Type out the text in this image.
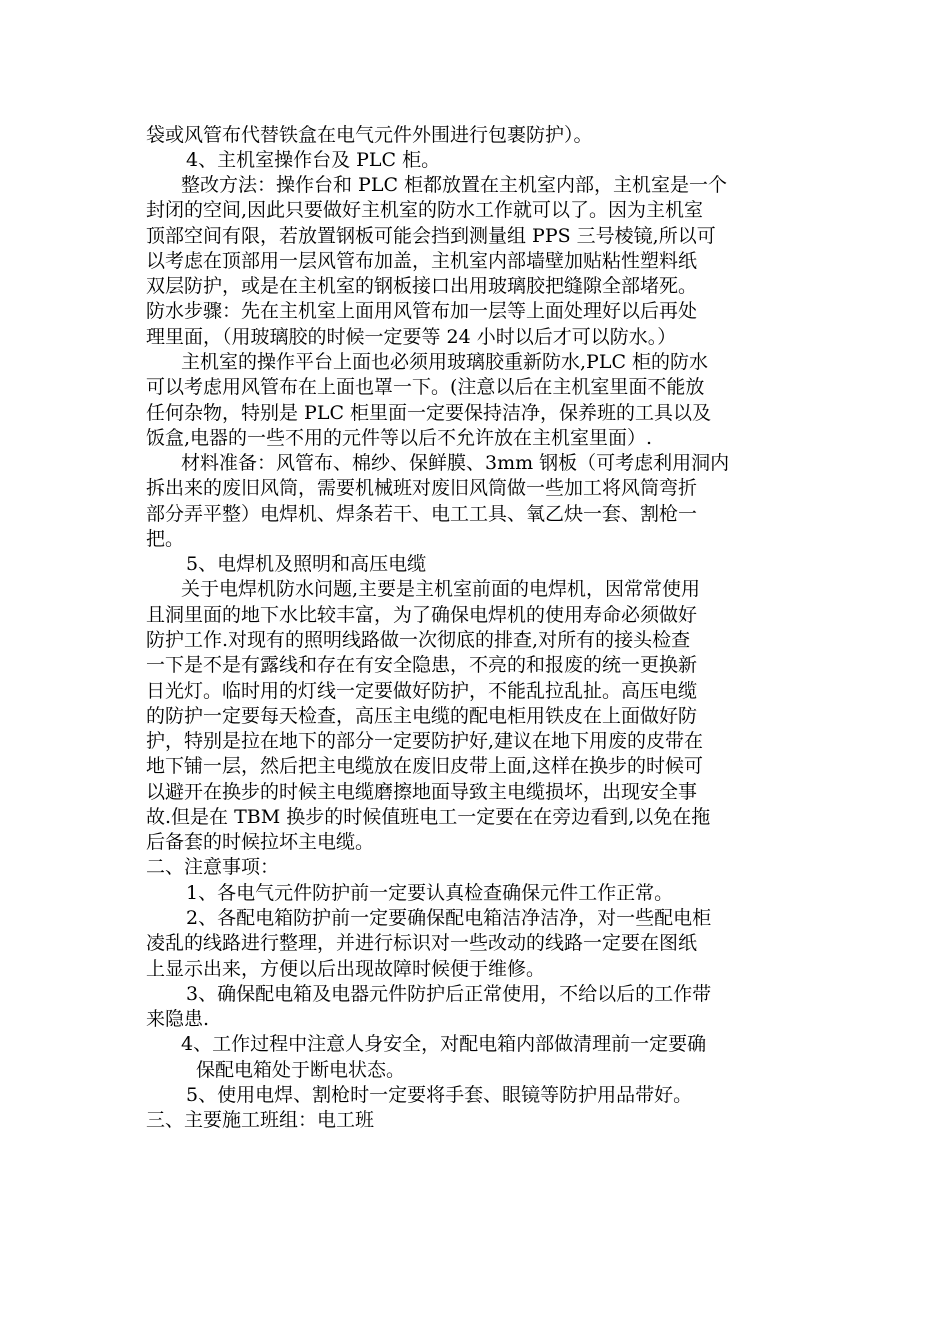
袋或风管布代替铁盒在电气元件外围进行包裹防护）。
4、主机室操作台及 PLC 柜。
整改方法：操作台和 PLC 柜都放置在主机室内部，主机室是一个
封闭的空间,因此只要做好主机室的防水工作就可以了。因为主机室
顶部空间有限，若放置钢板可能会挡到测量组 PPS 三号棱镜,所以可
以考虑在顶部用一层风管布加盖，主机室内部墙壁加贴粘性塑料纸
双层防护，或是在主机室的钢板接口出用玻璃胶把缝隙全部堵死。
防水步骤：先在主机室上面用风管布加一层等上面处理好以后再处
理里面，（用玻璃胶的时候一定要等 24 小时以后才可以防水。）
主机室的操作平台上面也必须用玻璃胶重新防水,PLC 柜的防水
可以考虑用风管布在上面也罩一下。(注意以后在主机室里面不能放
任何杂物，特别是 PLC 柜里面一定要保持洁净，保养班的工具以及
饭盒,电器的一些不用的元件等以后不允许放在主机室里面）.
材料准备：风管布、棉纱、保鲜膜、3mm 钢板（可考虑利用洞内
拆出来的废旧风筒，需要机械班对废旧风筒做一些加工将风筒弯折
部分弄平整）电焊机、焊条若干、电工工具、氧乙炔一套、割枪一
把。
5、电焊机及照明和高压电缆
关于电焊机防水问题,主要是主机室前面的电焊机，因常常使用
且洞里面的地下水比较丰富，为了确保电焊机的使用寿命必须做好
防护工作.对现有的照明线路做一次彻底的排查,对所有的接头检查
一下是不是有露线和存在有安全隐患，不亮的和报废的统一更换新
日光灯。临时用的灯线一定要做好防护，不能乱拉乱扯。高压电缆
的防护一定要每天检查，高压主电缆的配电柜用铁皮在上面做好防
护，特别是拉在地下的部分一定要防护好,建议在地下用废的皮带在
地下铺一层，然后把主电缆放在废旧皮带上面,这样在换步的时候可
以避开在换步的时候主电缆磨擦地面导致主电缆损坏，出现安全事
故.但是在 TBM 换步的时候值班电工一定要在在旁边看到,以免在拖
后备套的时候拉坏主电缆。
二、注意事项：
1、各电气元件防护前一定要认真检查确保元件工作正常。
2、各配电箱防护前一定要确保配电箱洁净洁净，对一些配电柜
凌乱的线路进行整理，并进行标识对一些改动的线路一定要在图纸
上显示出来，方便以后出现故障时候便于维修。
3、确保配电箱及电器元件防护后正常使用，不给以后的工作带
来隐患.
4、工作过程中注意人身安全，对配电箱内部做清理前一定要确
保配电箱处于断电状态。
5、使用电焊、割枪时一定要将手套、眼镜等防护用品带好。
三、主要施工班组：电工班
